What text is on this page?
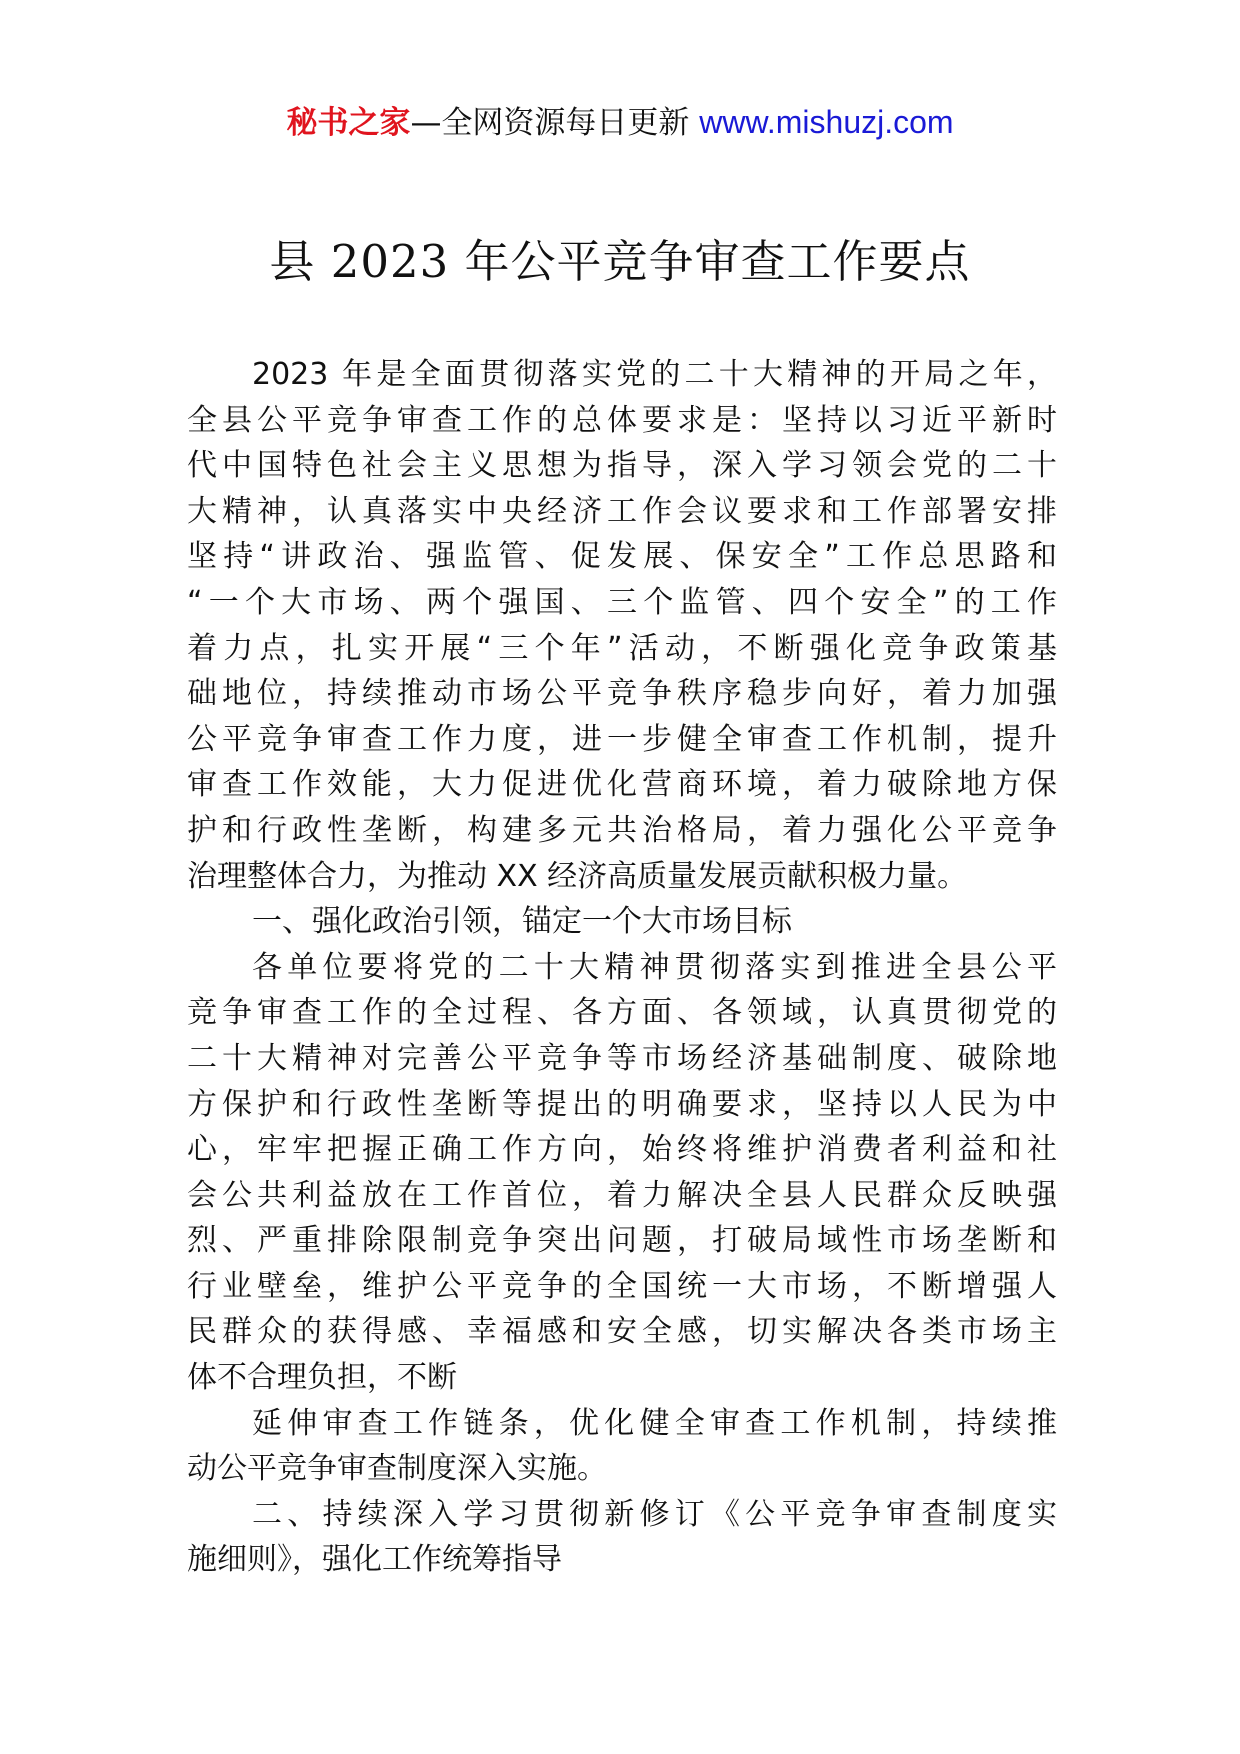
秘书之家—全网资源每日更新 www.mishuzj.com
县 2023 年公平竞争审查工作要点
2023 年是全面贯彻落实党的二十大精神的开局之年，
全县公平竞争审查工作的总体要求是：坚持以习近平新时
代中国特色社会主义思想为指导，深入学习领会党的二十
大精神，认真落实中央经济工作会议要求和工作部署安排
坚持“讲政治、强监管、促发展、保安全”工作总思路和
“一个大市场、两个强国、三个监管、四个安全”的工作
着力点，扎实开展“三个年”活动，不断强化竞争政策基
础地位，持续推动市场公平竞争秩序稳步向好，着力加强
公平竞争审查工作力度，进一步健全审查工作机制，提升
审查工作效能，大力促进优化营商环境，着力破除地方保
护和行政性垄断，构建多元共治格局，着力强化公平竞争
治理整体合力，为推动 XX 经济高质量发展贡献积极力量。
一、强化政治引领，锚定一个大市场目标
各单位要将党的二十大精神贯彻落实到推进全县公平
竞争审查工作的全过程、各方面、各领域，认真贯彻党的
二十大精神对完善公平竞争等市场经济基础制度、破除地
方保护和行政性垄断等提出的明确要求，坚持以人民为中
心，牢牢把握正确工作方向，始终将维护消费者利益和社
会公共利益放在工作首位，着力解决全县人民群众反映强
烈、严重排除限制竞争突出问题，打破局域性市场垄断和
行业壁垒，维护公平竞争的全国统一大市场，不断增强人
民群众的获得感、幸福感和安全感，切实解决各类市场主
体不合理负担，不断
延伸审查工作链条，优化健全审查工作机制，持续推
动公平竞争审查制度深入实施。
二、持续深入学习贯彻新修订《公平竞争审查制度实
施细则》，强化工作统筹指导
